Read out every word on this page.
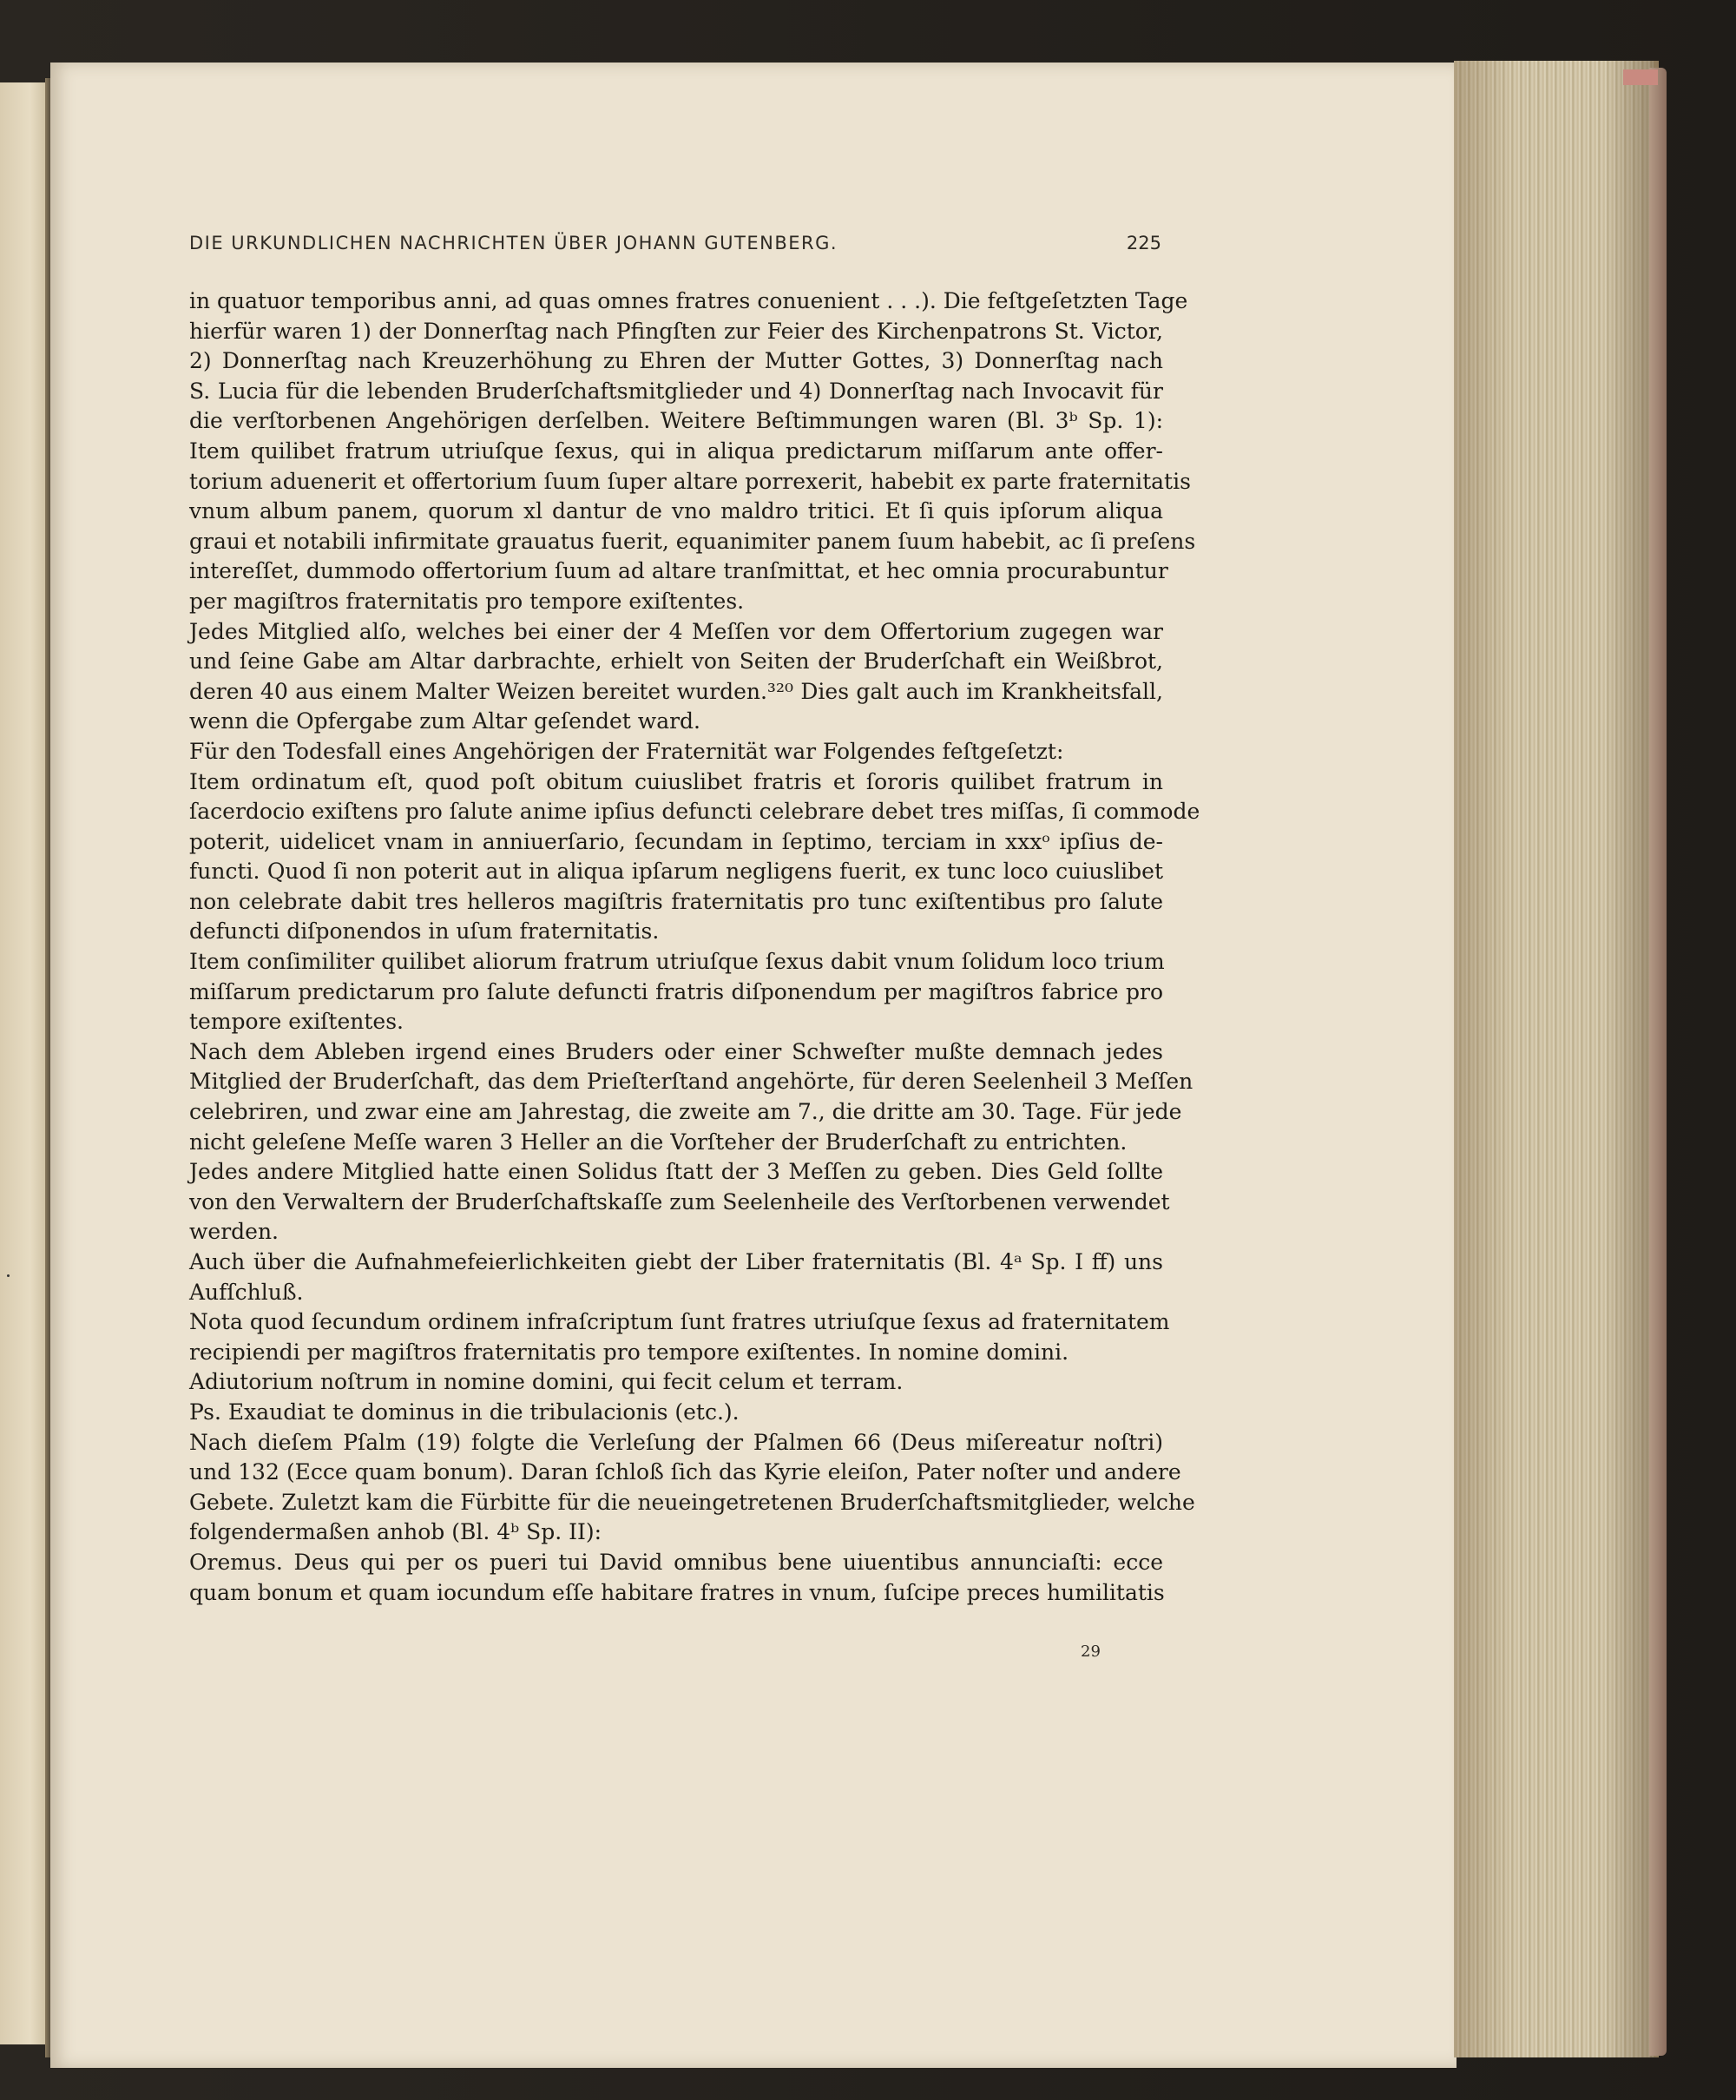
DIE URKUNDLICHEN NACHRICHTEN ÜBER JOHANN GUTENBERG.	225
in quatuor temporibus anni, ad quas omnes fratres conuenient . . .). Die feſtgeſetzten Tage
hierfür waren 1) der Donnerſtag nach Pfingſten zur Feier des Kirchenpatrons St. Victor,
2) Donnerſtag nach Kreuzerhöhung zu Ehren der Mutter Gottes, 3) Donnerſtag nach
S. Lucia für die lebenden Bruderſchaftsmitglieder und 4) Donnerſtag nach Invocavit für
die verſtorbenen Angehörigen derſelben. Weitere Beſtimmungen waren (Bl. 3ᵇ Sp. 1):
Item quilibet fratrum utriuſque ſexus, qui in aliqua predictarum miſſarum ante offer-
torium aduenerit et offertorium ſuum ſuper altare porrexerit, habebit ex parte fraternitatis
vnum album panem, quorum xl dantur de vno maldro tritici. Et ſi quis ipſorum aliqua
graui et notabili infirmitate grauatus fuerit, equanimiter panem ſuum habebit, ac ſi preſens
intereſſet, dummodo offertorium ſuum ad altare tranſmittat, et hec omnia procurabuntur
per magiſtros fraternitatis pro tempore exiſtentes.
Jedes Mitglied alſo, welches bei einer der 4 Meſſen vor dem Offertorium zugegen war
und ſeine Gabe am Altar darbrachte, erhielt von Seiten der Bruderſchaft ein Weißbrot,
deren 40 aus einem Malter Weizen bereitet wurden.³²⁰ Dies galt auch im Krankheitsfall,
wenn die Opfergabe zum Altar geſendet ward.
Für den Todesfall eines Angehörigen der Fraternität war Folgendes feſtgeſetzt:
Item ordinatum eſt, quod poſt obitum cuiuslibet fratris et ſororis quilibet fratrum in
ſacerdocio exiſtens pro ſalute anime ipſius defuncti celebrare debet tres miſſas, ſi commode
poterit, uidelicet vnam in anniuerſario, ſecundam in ſeptimo, terciam in xxxᵒ ipſius de-
functi. Quod ſi non poterit aut in aliqua ipſarum negligens fuerit, ex tunc loco cuiuslibet
non celebrate dabit tres helleros magiſtris fraternitatis pro tunc exiſtentibus pro ſalute
defuncti diſponendos in uſum fraternitatis.
Item conſimiliter quilibet aliorum fratrum utriuſque ſexus dabit vnum ſolidum loco trium
miſſarum predictarum pro ſalute defuncti fratris diſponendum per magiſtros fabrice pro
tempore exiſtentes.
Nach dem Ableben irgend eines Bruders oder einer Schweſter mußte demnach jedes
Mitglied der Bruderſchaft, das dem Prieſterſtand angehörte, für deren Seelenheil 3 Meſſen
celebriren, und zwar eine am Jahrestag, die zweite am 7., die dritte am 30. Tage. Für jede
nicht geleſene Meſſe waren 3 Heller an die Vorſteher der Bruderſchaft zu entrichten.
Jedes andere Mitglied hatte einen Solidus ſtatt der 3 Meſſen zu geben. Dies Geld ſollte
von den Verwaltern der Bruderſchaftskaſſe zum Seelenheile des Verſtorbenen verwendet
werden.
Auch über die Aufnahmefeierlichkeiten giebt der Liber fraternitatis (Bl. 4ᵃ Sp. I ff) uns
Aufſchluß.
Nota quod ſecundum ordinem infraſcriptum ſunt fratres utriuſque ſexus ad fraternitatem
recipiendi per magiſtros fraternitatis pro tempore exiſtentes. In nomine domini.
Adiutorium noſtrum in nomine domini, qui fecit celum et terram.
Ps. Exaudiat te dominus in die tribulacionis (etc.).
Nach dieſem Pſalm (19) folgte die Verleſung der Pſalmen 66 (Deus miſereatur noſtri)
und 132 (Ecce quam bonum). Daran ſchloß ſich das Kyrie eleiſon, Pater noſter und andere
Gebete. Zuletzt kam die Fürbitte für die neueingetretenen Bruderſchaftsmitglieder, welche
folgendermaßen anhob (Bl. 4ᵇ Sp. II):
Oremus. Deus qui per os pueri tui David omnibus bene uiuentibus annunciaſti: ecce
quam bonum et quam iocundum eſſe habitare fratres in vnum, ſuſcipe preces humilitatis
29
